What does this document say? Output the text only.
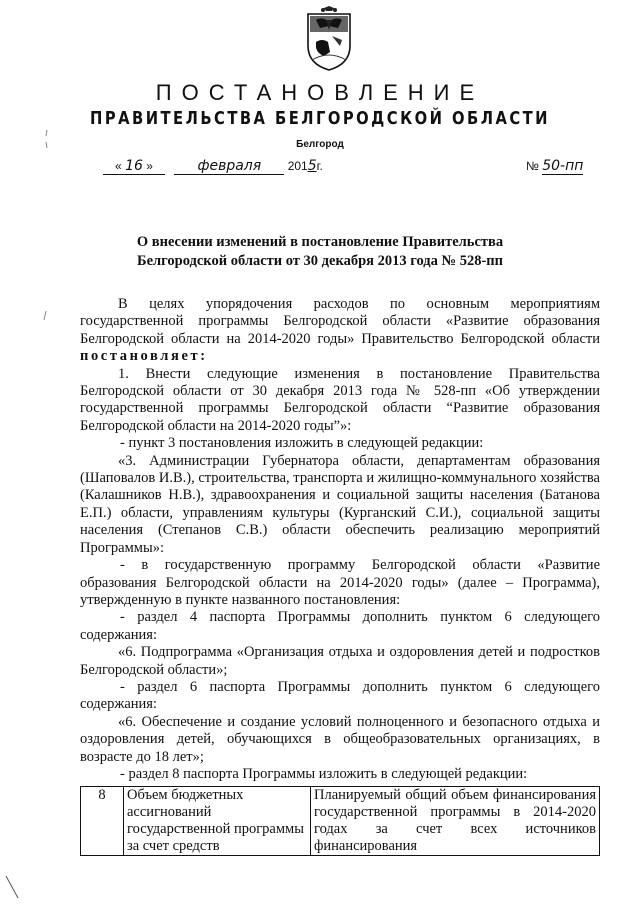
ПОСТАНОВЛЕНИЕ
ПРАВИТЕЛЬСТВА БЕЛГОРОДСКОЙ ОБЛАСТИ
Белгород
« 16 »	февраля 2015г.	№ 50-пп
О внесении изменений в постановление Правительства
Белгородской области от 30 декабря 2013 года № 528-пп

В целях упорядочения расходов по основным мероприятиям государственной программы Белгородской области «Развитие образования Белгородской области на 2014-2020 годы» Правительство Белгородской области постановляет:

1. Внести следующие изменения в постановление Правительства Белгородской области от 30 декабря 2013 года № 528-пп «Об утверждении государственной программы Белгородской области “Развитие образования Белгородской области на 2014-2020 годы”»:

- пункт 3 постановления изложить в следующей редакции:

«3. Администрации Губернатора области, департаментам образования (Шаповалов И.В.), строительства, транспорта и жилищно-коммунального хозяйства (Калашников Н.В.), здравоохранения и социальной защиты населения (Батанова Е.П.) области, управлениям культуры (Курганский С.И.), социальной защиты населения (Степанов С.В.) области обеспечить реализацию мероприятий Программы»:

- в государственную программу Белгородской области «Развитие образования Белгородской области на 2014-2020 годы» (далее – Программа), утвержденную в пункте названного постановления:

- раздел 4 паспорта Программы дополнить пунктом 6 следующего содержания:

«6. Подпрограмма «Организация отдыха и оздоровления детей и подростков Белгородской области»;

- раздел 6 паспорта Программы дополнить пунктом 6 следующего содержания:

«6. Обеспечение и создание условий полноценного и безопасного отдыха и оздоровления детей, обучающихся в общеобразовательных организациях, в возрасте до 18 лет»;

- раздел 8 паспорта Программы изложить в следующей редакции:

8	Объем бюджетных ассигнований государственной программы за счет средств	Планируемый общий объем финансирования государственной программы в 2014-2020 годах за счет всех источников финансирования
